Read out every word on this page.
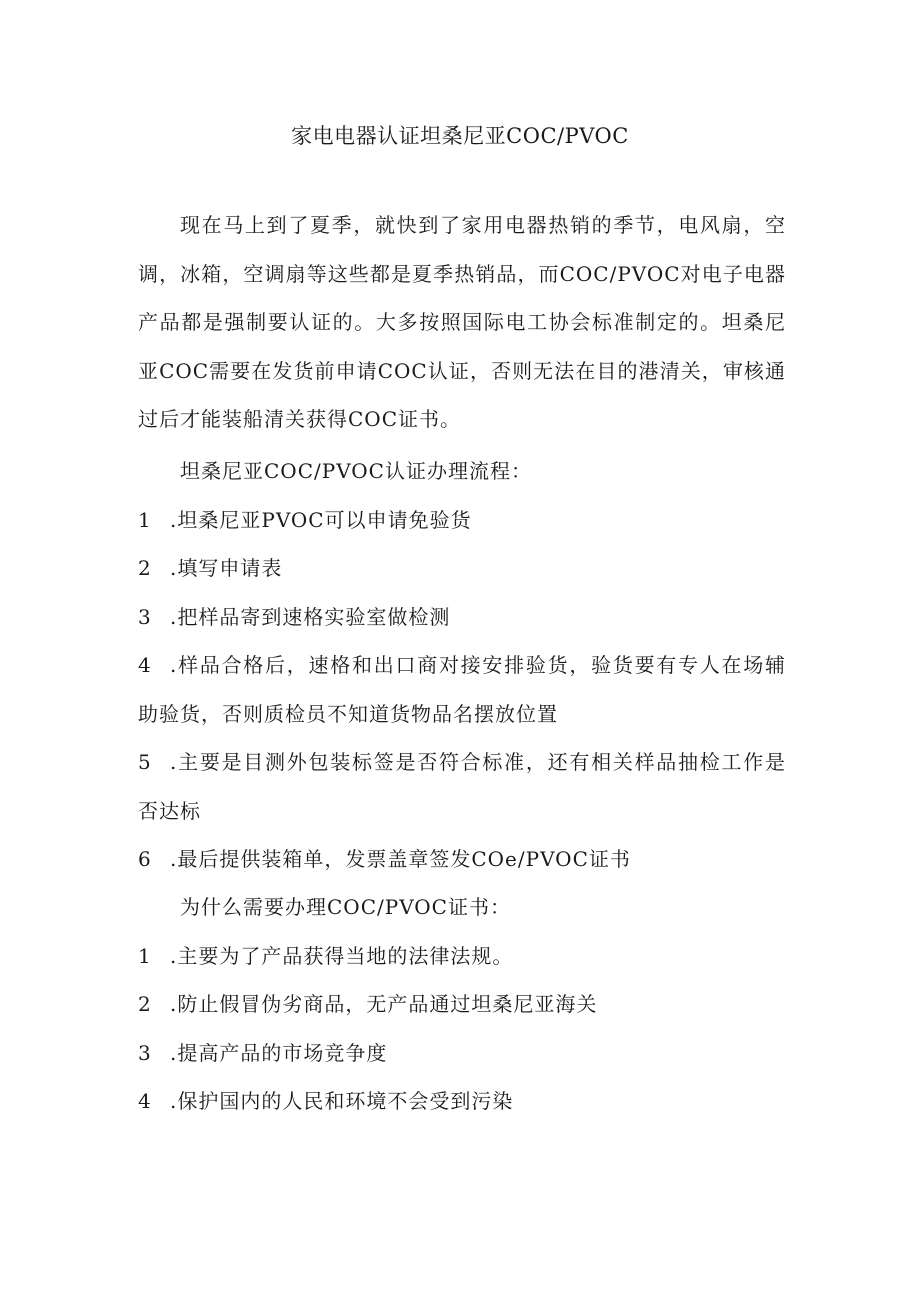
家电电器认证坦桑尼亚COC/PVOC

现在马上到了夏季，就快到了家用电器热销的季节，电风扇，空调，冰箱，空调扇等这些都是夏季热销品，而COC/PVOC对电子电器产品都是强制要认证的。大多按照国际电工协会标准制定的。坦桑尼亚COC需要在发货前申请COC认证，否则无法在目的港清关，审核通过后才能装船清关获得COC证书。

坦桑尼亚COC/PVOC认证办理流程：

1 .坦桑尼亚PVOC可以申请免验货
2 .填写申请表
3 .把样品寄到速格实验室做检测
4 .样品合格后，速格和出口商对接安排验货，验货要有专人在场辅助验货，否则质检员不知道货物品名摆放位置
5 .主要是目测外包装标签是否符合标准，还有相关样品抽检工作是否达标
6 .最后提供装箱单，发票盖章签发COe/PVOC证书

为什么需要办理COC/PVOC证书：

1 .主要为了产品获得当地的法律法规。
2 .防止假冒伪劣商品，无产品通过坦桑尼亚海关
3 .提高产品的市场竞争度
4 .保护国内的人民和环境不会受到污染
